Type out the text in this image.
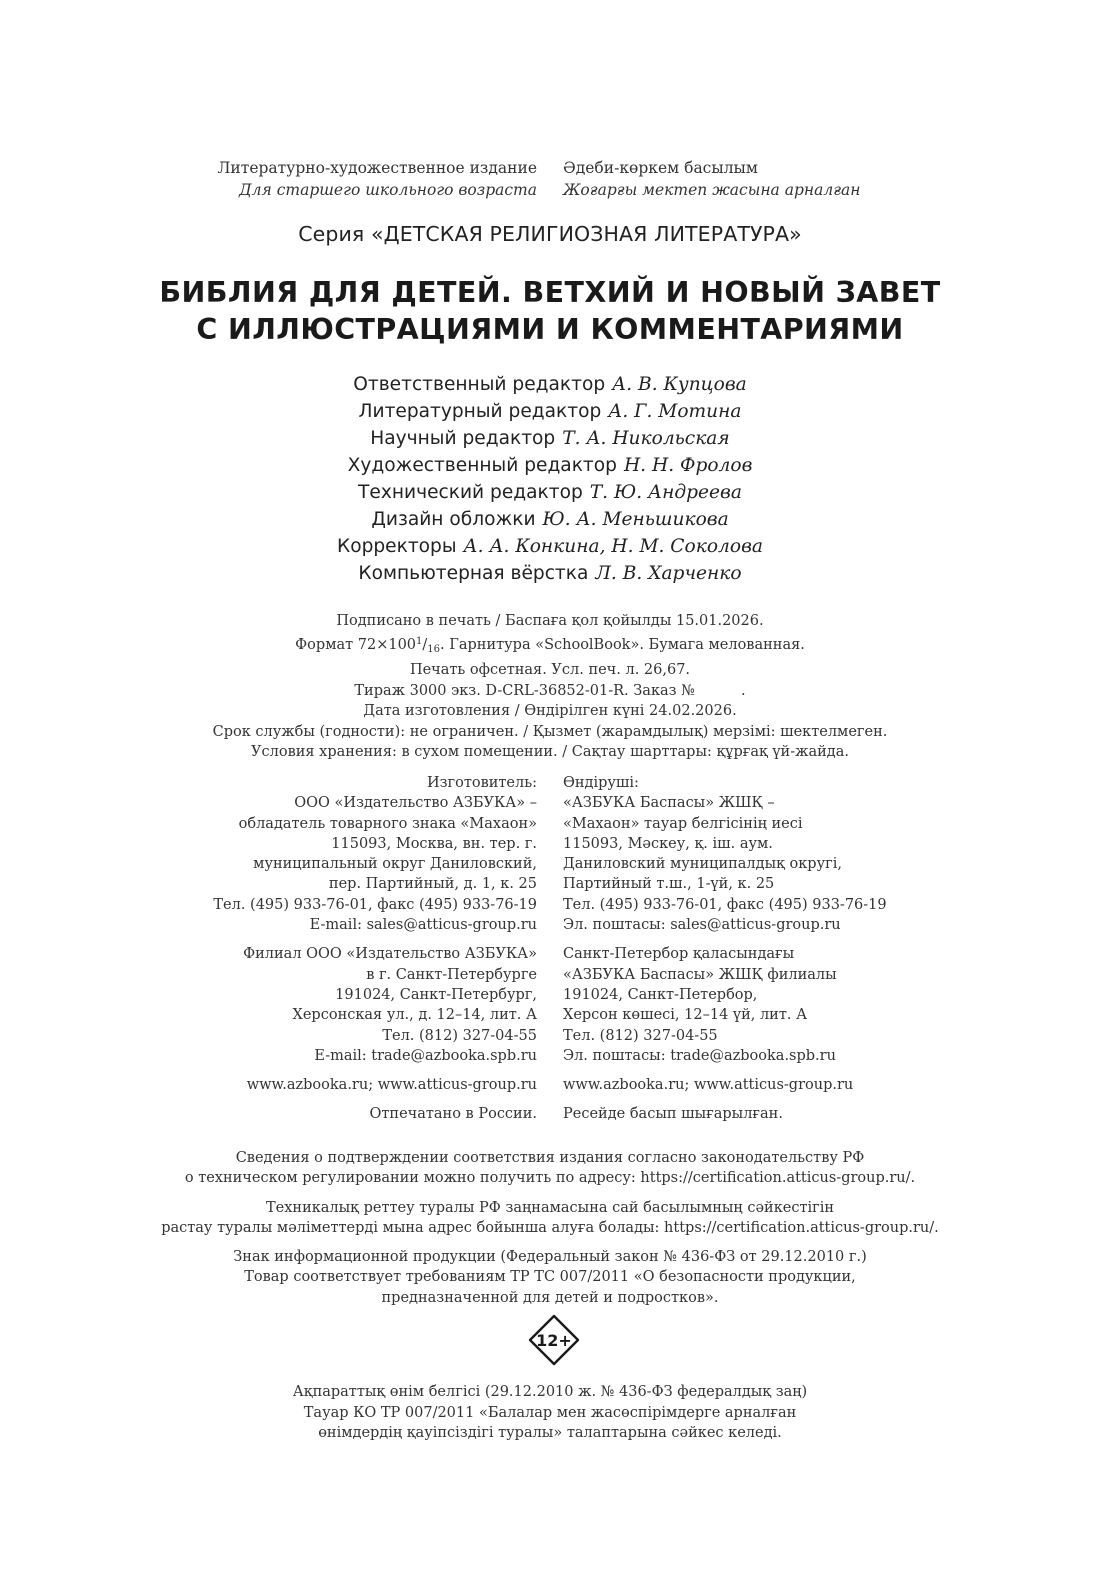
Литературно-художественное издание
Для старшего школьного возраста
Әдеби-көркем басылым
Жоғарғы мектеп жасына арналған
Серия «ДЕТСКАЯ РЕЛИГИОЗНАЯ ЛИТЕРАТУРА»
БИБЛИЯ ДЛЯ ДЕТЕЙ. ВЕТХИЙ И НОВЫЙ ЗАВЕТ
С ИЛЛЮСТРАЦИЯМИ И КОММЕНТАРИЯМИ
Ответственный редактор А. В. Купцова
Литературный редактор А. Г. Мотина
Научный редактор Т. А. Никольская
Художественный редактор Н. Н. Фролов
Технический редактор Т. Ю. Андреева
Дизайн обложки Ю. А. Меньшикова
Корректоры А. А. Конкина, Н. М. Соколова
Компьютерная вёрстка Л. В. Харченко
Подписано в печать / Баспаға қол қойылды 15.01.2026.
Формат $72\times 100^1/_{16}$. Гарнитура «SchoolBook». Бумага мелованная.
Печать офсетная. Усл. печ. л. 26,67.
Тираж 3000 экз. D-CRL-36852-01-R. Заказ №          .
Дата изготовления / Өндірілген күні 24.02.2026.
Срок службы (годности): не ограничен. / Қызмет (жарамдылық) мерзімі: шектелмеген.
Условия хранения: в сухом помещении. / Сақтау шарттары: құрғақ үй-жайда.
Изготовитель:
ООО «Издательство АЗБУКА» –
обладатель товарного знака «Махаон»
115093, Москва, вн. тер. г.
муниципальный округ Даниловский,
пер. Партийный, д. 1, к. 25
Тел. (495) 933-76-01, факс (495) 933-76-19
E-mail: sales@atticus-group.ru
Филиал ООО «Издательство АЗБУКА»
в г. Санкт-Петербурге
191024, Санкт-Петербург,
Херсонская ул., д. 12–14, лит. А
Тел. (812) 327-04-55
E-mail: trade@azbooka.spb.ru
www.azbooka.ru; www.atticus-group.ru
Отпечатано в России.
Өндіруші:
«АЗБУКА Баспасы» ЖШҚ –
«Махаон» тауар белгісінің иесі
115093, Мәскеу, қ. іш. аум.
Даниловский муниципалдық округі,
Партийный т.ш., 1-үй, к. 25
Тел. (495) 933-76-01, факс (495) 933-76-19
Эл. поштасы: sales@atticus-group.ru
Санкт-Петербор қаласындағы
«АЗБУКА Баспасы» ЖШҚ филиалы
191024, Санкт-Петербор,
Херсон көшесі, 12–14 үй, лит. А
Тел. (812) 327-04-55
Эл. поштасы: trade@azbooka.spb.ru
www.azbooka.ru; www.atticus-group.ru
Ресейде басып шығарылған.

Сведения о подтверждении соответствия издания согласно законодательству РФ
о техническом регулировании можно получить по адресу: https://certification.atticus-group.ru/.

Техникалық реттеу туралы РФ заңнамасына сай басылымның сәйкестігін
растау туралы мәліметтерді мына адрес бойынша алуға болады: https://certification.atticus-group.ru/.

Знак информационной продукции (Федеральный закон № 436-ФЗ от 29.12.2010 г.)
Товар соответствует требованиям ТР ТС 007/2011 «О безопасности продукции,
предназначенной для детей и подростков».

12+
Ақпараттық өнім белгісі (29.12.2010 ж. № 436-ФЗ федералдық заң)
Тауар КО ТР 007/2011 «Балалар мен жасөспірімдерге арналған
өнімдердің қауіпсіздігі туралы» талаптарына сәйкес келеді.
